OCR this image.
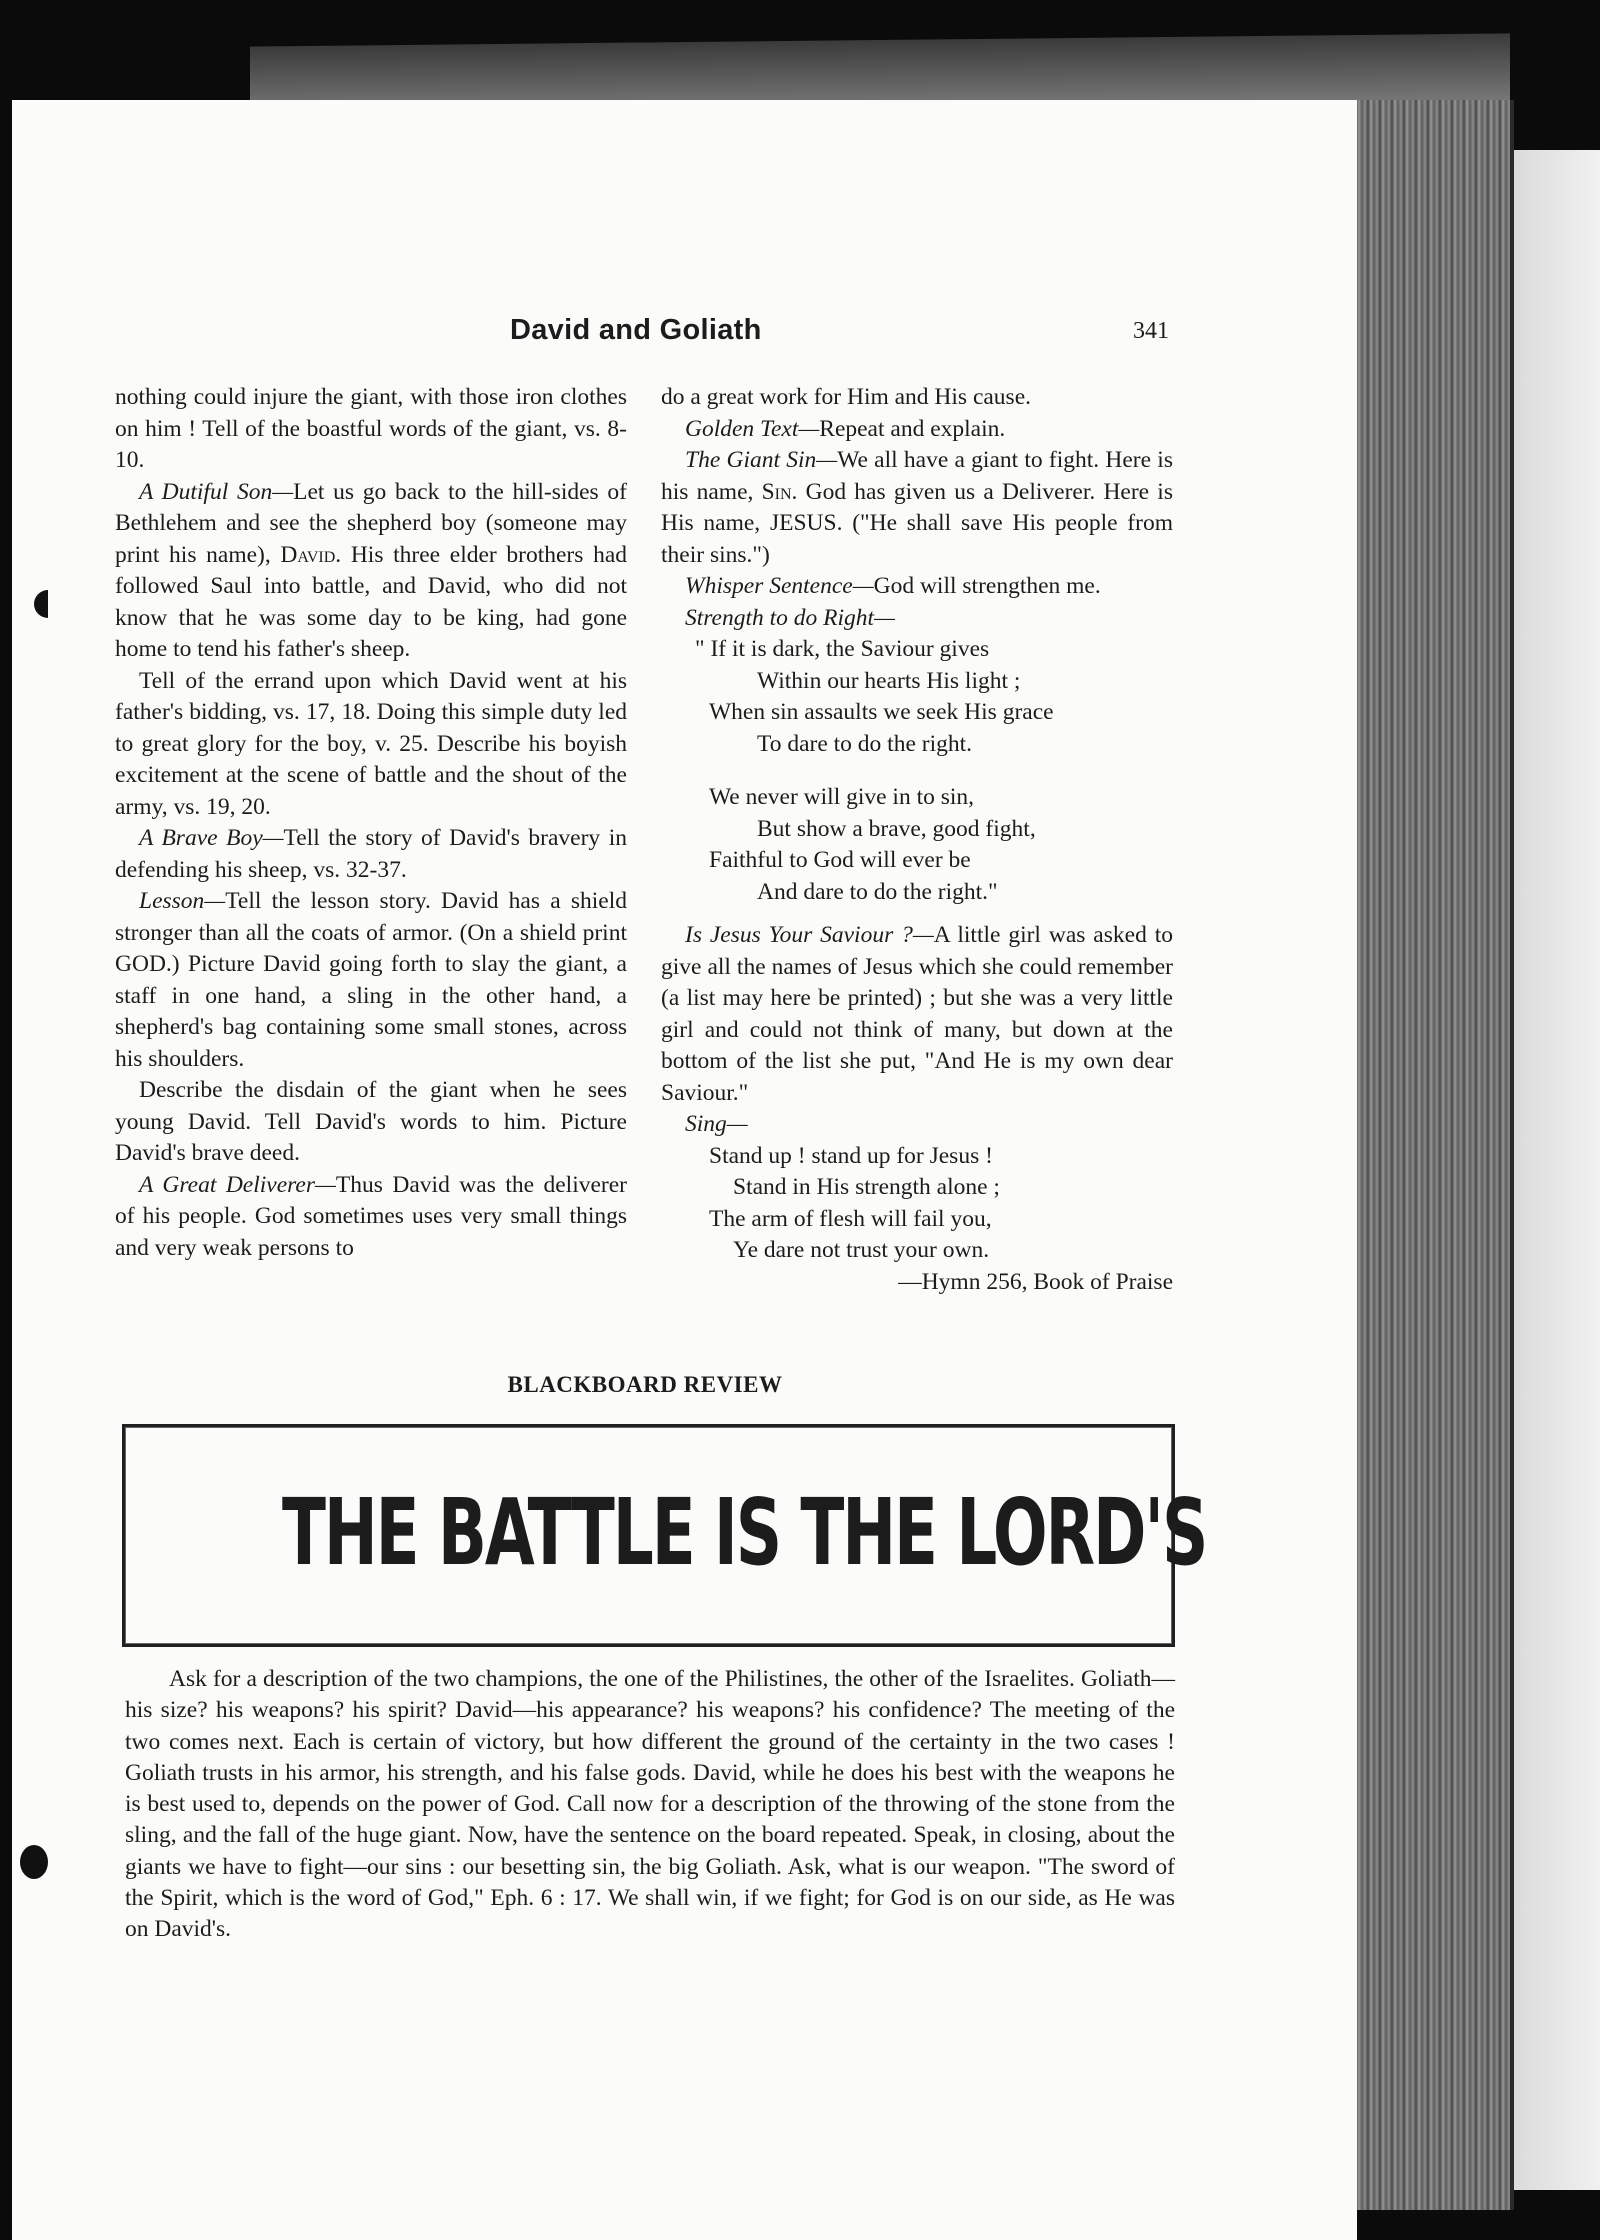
David and Goliath	341

nothing could injure the giant, with those iron clothes on him ! Tell of the boastful words of the giant, vs. 8-10.

A Dutiful Son—Let us go back to the hill-sides of Bethlehem and see the shepherd boy (someone may print his name), David. His three elder brothers had followed Saul into battle, and David, who did not know that he was some day to be king, had gone home to tend his father's sheep.

Tell of the errand upon which David went at his father's bidding, vs. 17, 18. Doing this simple duty led to great glory for the boy, v. 25. Describe his boyish excitement at the scene of battle and the shout of the army, vs. 19, 20.

A Brave Boy—Tell the story of David's bravery in defending his sheep, vs. 32-37.

Lesson—Tell the lesson story. David has a shield stronger than all the coats of armor. (On a shield print GOD.) Picture David going forth to slay the giant, a staff in one hand, a sling in the other hand, a shepherd's bag containing some small stones, across his shoulders.

Describe the disdain of the giant when he sees young David. Tell David's words to him. Picture David's brave deed.

A Great Deliverer—Thus David was the deliverer of his people. God sometimes uses very small things and very weak persons to

do a great work for Him and His cause.

Golden Text—Repeat and explain.

The Giant Sin—We all have a giant to fight. Here is his name, Sin. God has given us a Deliverer. Here is His name, JESUS. ("He shall save His people from their sins.")

Whisper Sentence—God will strengthen me.

Strength to do Right—

" If it is dark, the Saviour gives
Within our hearts His light ;
When sin assaults we seek His grace
To dare to do the right.
We never will give in to sin,
But show a brave, good fight,
Faithful to God will ever be
And dare to do the right."

Is Jesus Your Saviour ?—A little girl was asked to give all the names of Jesus which she could remember (a list may here be printed) ; but she was a very little girl and could not think of many, but down at the bottom of the list she put, "And He is my own dear Saviour."

Sing—

Stand up ! stand up for Jesus !
Stand in His strength alone ;
The arm of flesh will fail you,
Ye dare not trust your own.
—Hymn 256, Book of Praise
BLACKBOARD REVIEW
THE BATTLE IS THE LORD'S

Ask for a description of the two champions, the one of the Philistines, the other of the Israelites. Goliath—his size? his weapons? his spirit? David—his appearance? his weapons? his confidence? The meeting of the two comes next. Each is certain of victory, but how different the ground of the certainty in the two cases ! Goliath trusts in his armor, his strength, and his false gods. David, while he does his best with the weapons he is best used to, depends on the power of God. Call now for a description of the throwing of the stone from the sling, and the fall of the huge giant. Now, have the sentence on the board repeated. Speak, in closing, about the giants we have to fight—our sins : our besetting sin, the big Goliath. Ask, what is our weapon. "The sword of the Spirit, which is the word of God," Eph. 6 : 17. We shall win, if we fight; for God is on our side, as He was on David's.
